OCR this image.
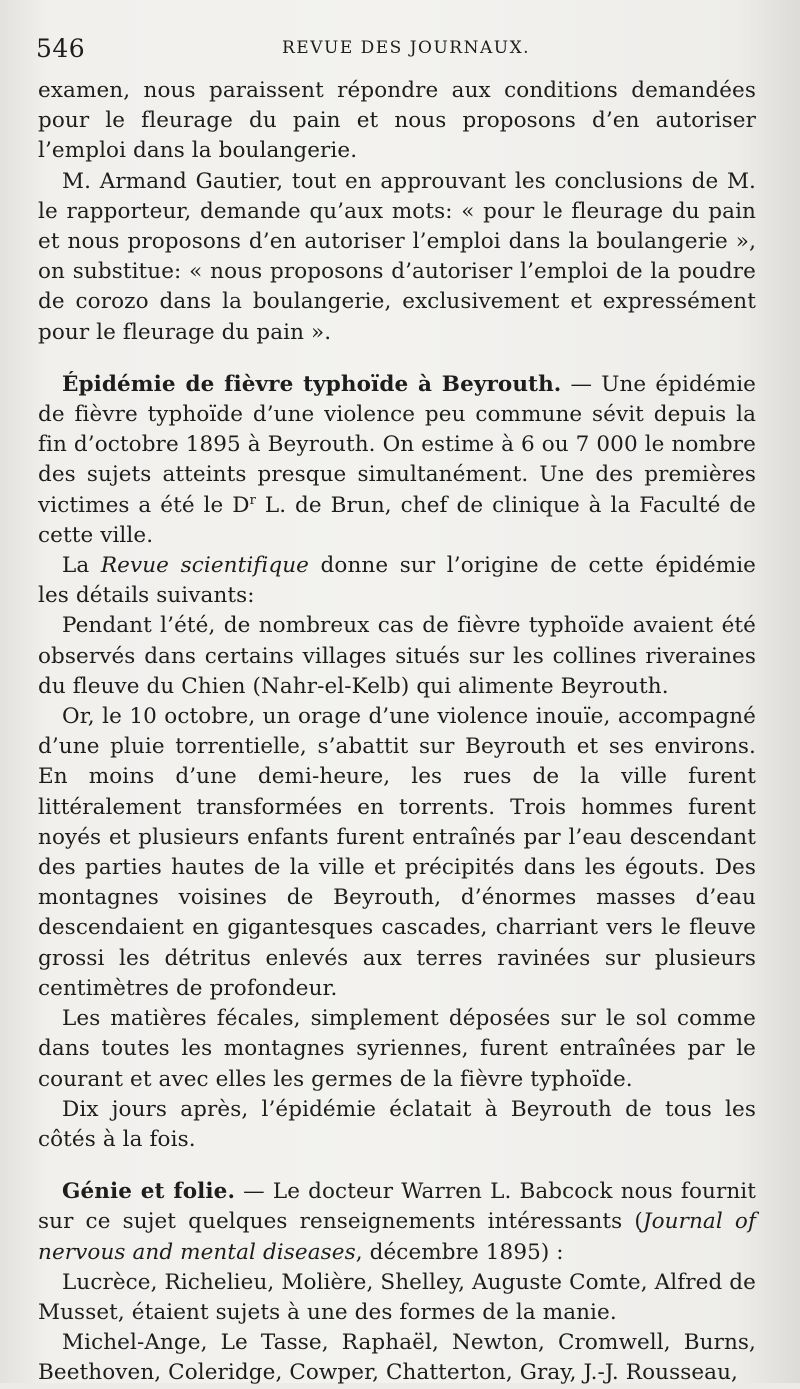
546	REVUE DES JOURNAUX.

examen, nous paraissent répondre aux conditions demandées pour le fleurage du pain et nous proposons d’en autoriser l’emploi dans la boulangerie.

M. Armand Gautier, tout en approuvant les conclusions de M. le rapporteur, demande qu’aux mots: « pour le fleurage du pain et nous proposons d’en autoriser l’emploi dans la boulangerie », on substitue: « nous proposons d’autoriser l’emploi de la poudre de corozo dans la boulangerie, exclusivement et expressément pour le fleurage du pain ».

Épidémie de fièvre typhoïde à Beyrouth. — Une épidémie de fièvre typhoïde d’une violence peu commune sévit depuis la fin d’octobre 1895 à Beyrouth. On estime à 6 ou 7 000 le nombre des sujets atteints presque simultanément. Une des premières victimes a été le $D^r$ L. de Brun, chef de clinique à la Faculté de cette ville.

La Revue scientifique donne sur l’origine de cette épidémie les détails suivants:

Pendant l’été, de nombreux cas de fièvre typhoïde avaient été observés dans certains villages situés sur les collines riveraines du fleuve du Chien (Nahr-el-Kelb) qui alimente Beyrouth.

Or, le 10 octobre, un orage d’une violence inouïe, accompagné d’une pluie torrentielle, s’abattit sur Beyrouth et ses environs. En moins d’une demi-heure, les rues de la ville furent littéralement transformées en torrents. Trois hommes furent noyés et plusieurs enfants furent entraînés par l’eau descendant des parties hautes de la ville et précipités dans les égouts. Des montagnes voisines de Beyrouth, d’énormes masses d’eau descendaient en gigantesques cascades, charriant vers le fleuve grossi les détritus enlevés aux terres ravinées sur plusieurs centimètres de profondeur.

Les matières fécales, simplement déposées sur le sol comme dans toutes les montagnes syriennes, furent entraînées par le courant et avec elles les germes de la fièvre typhoïde.

Dix jours après, l’épidémie éclatait à Beyrouth de tous les côtés à la fois.

Génie et folie. — Le docteur Warren L. Babcock nous fournit sur ce sujet quelques renseignements intéressants (Journal of nervous and mental diseases, décembre 1895) :

Lucrèce, Richelieu, Molière, Shelley, Auguste Comte, Alfred de Musset, étaient sujets à une des formes de la manie.

Michel-Ange, Le Tasse, Raphaël, Newton, Cromwell, Burns, Beethoven, Coleridge, Cowper, Chatterton, Gray, J.-J. Rousseau,
